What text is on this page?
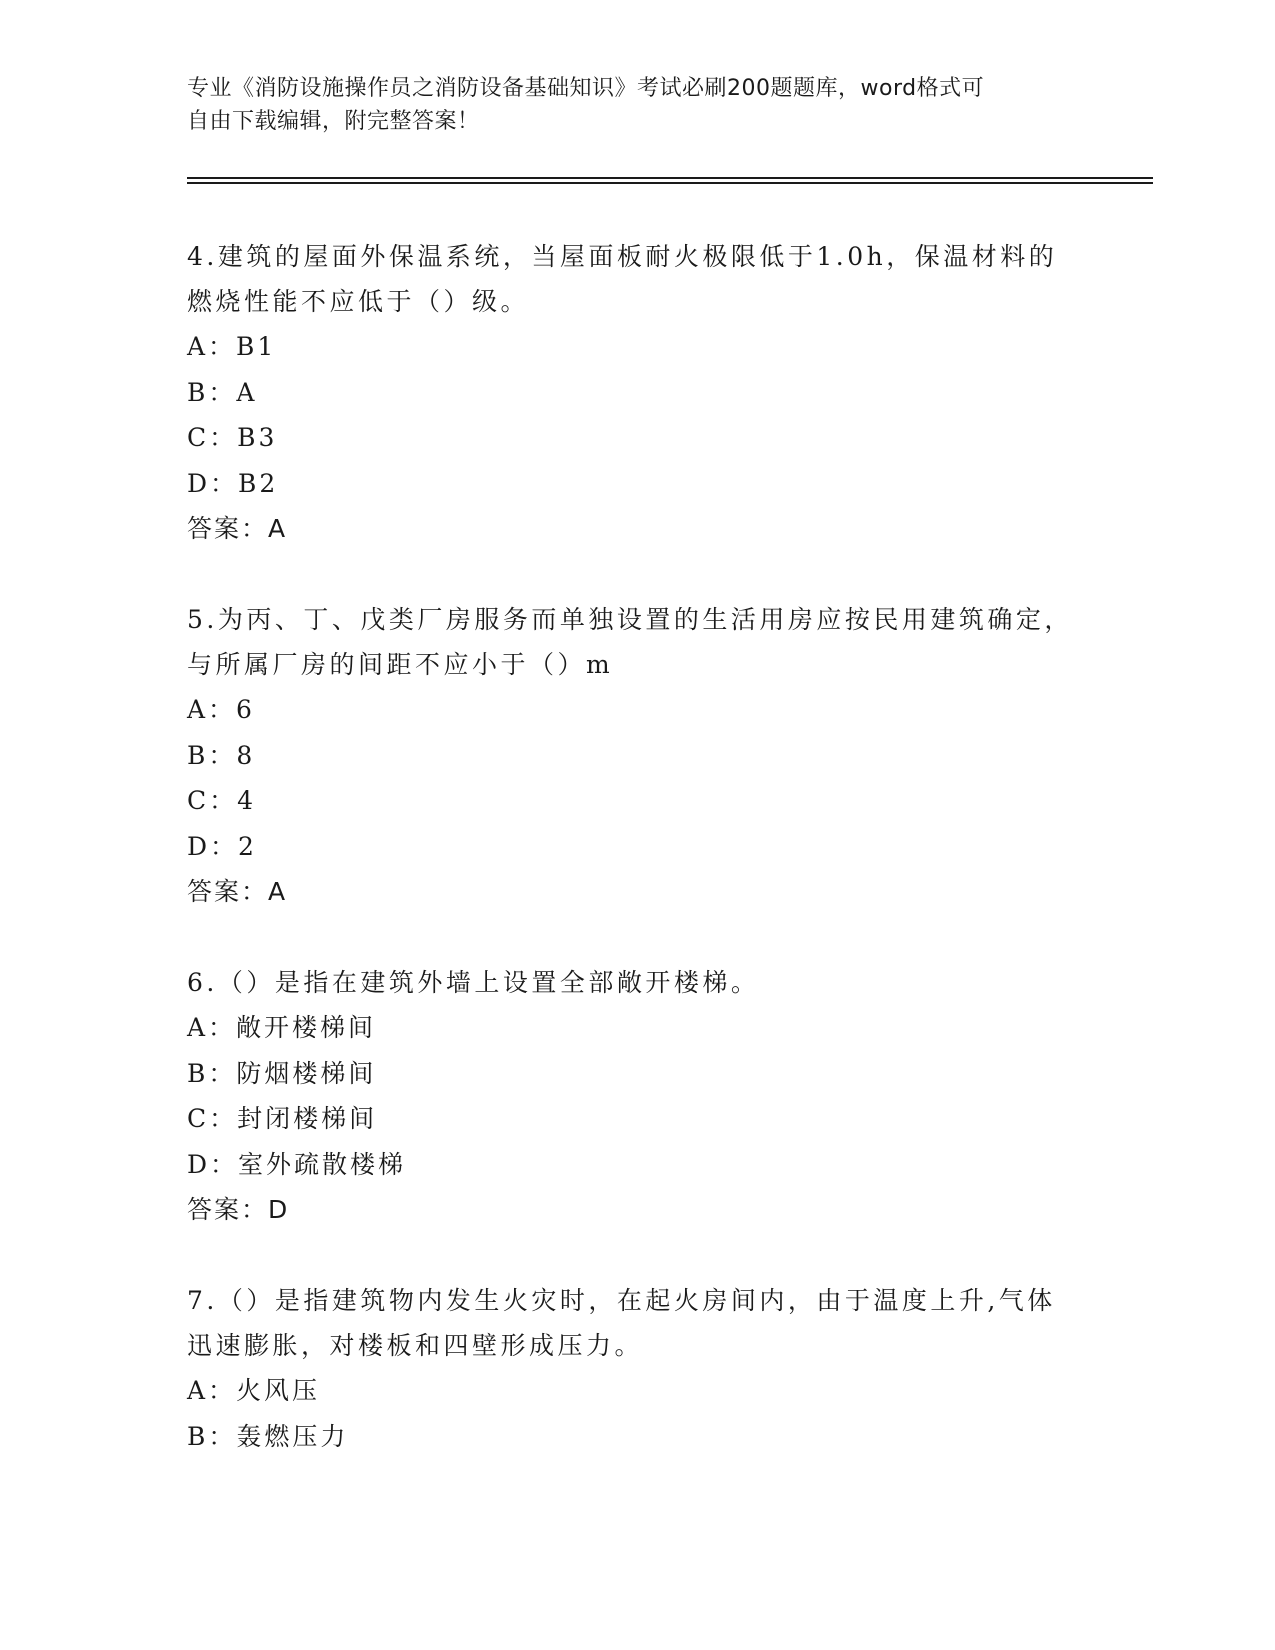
专业《消防设施操作员之消防设备基础知识》考试必刷200题题库，word格式可
自由下载编辑，附完整答案！
4.建筑的屋面外保温系统，当屋面板耐火极限低于1.0h，保温材料的
燃烧性能不应低于（）级。
A：B1
B：A
C：B3
D：B2
答案：A
5.为丙、丁、戊类厂房服务而单独设置的生活用房应按民用建筑确定，
与所属厂房的间距不应小于（）m
A：6
B：8
C：4
D：2
答案：A
6.（）是指在建筑外墙上设置全部敞开楼梯。
A：敞开楼梯间
B：防烟楼梯间
C：封闭楼梯间
D：室外疏散楼梯
答案：D
7.（）是指建筑物内发生火灾时，在起火房间内，由于温度上升,气体
迅速膨胀，对楼板和四壁形成压力。
A：火风压
B：轰燃压力
